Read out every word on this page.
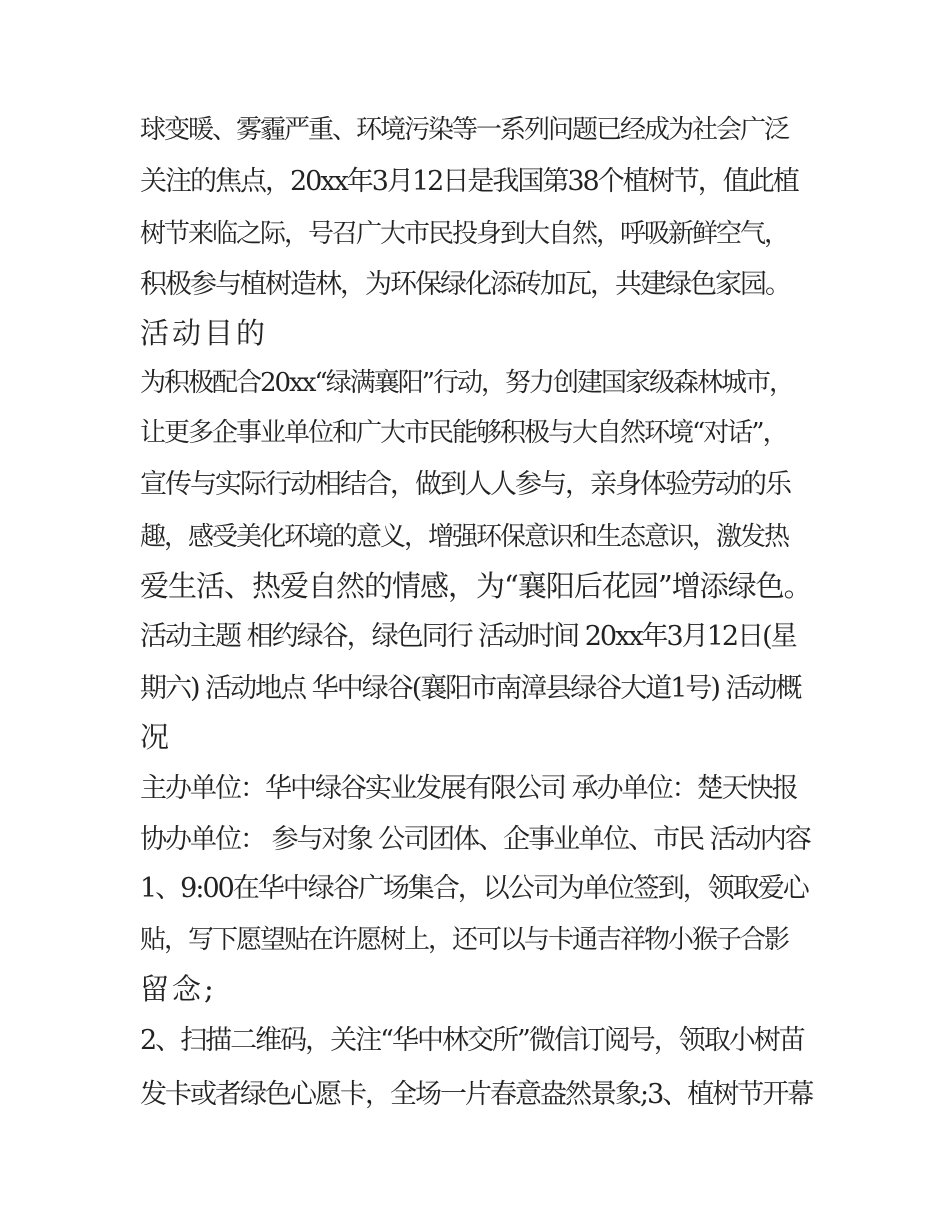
球变暖、雾霾严重、环境污染等一系列问题已经成为社会广泛
关注的焦点，20xx年3月12日是我国第38个植树节，值此植
树节来临之际，号召广大市民投身到大自然，呼吸新鲜空气，
积极参与植树造林，为环保绿化添砖加瓦，共建绿色家园。
活动目的
为积极配合20xx“绿满襄阳”行动，努力创建国家级森林城市，
让更多企事业单位和广大市民能够积极与大自然环境“对话”，
宣传与实际行动相结合，做到人人参与，亲身体验劳动的乐
趣，感受美化环境的意义，增强环保意识和生态意识，激发热
爱生活、热爱自然的情感，为“襄阳后花园”增添绿色。
活动主题 相约绿谷，绿色同行 活动时间 20xx年3月12日(星
期六) 活动地点 华中绿谷(襄阳市南漳县绿谷大道1号) 活动概
况
主办单位：华中绿谷实业发展有限公司 承办单位：楚天快报
协办单位： 参与对象 公司团体、企事业单位、市民 活动内容
1、9:00在华中绿谷广场集合，以公司为单位签到，领取爱心
贴，写下愿望贴在许愿树上，还可以与卡通吉祥物小猴子合影
留念;
2、扫描二维码，关注“华中林交所”微信订阅号，领取小树苗
发卡或者绿色心愿卡，全场一片春意盎然景象;3、植树节开幕
